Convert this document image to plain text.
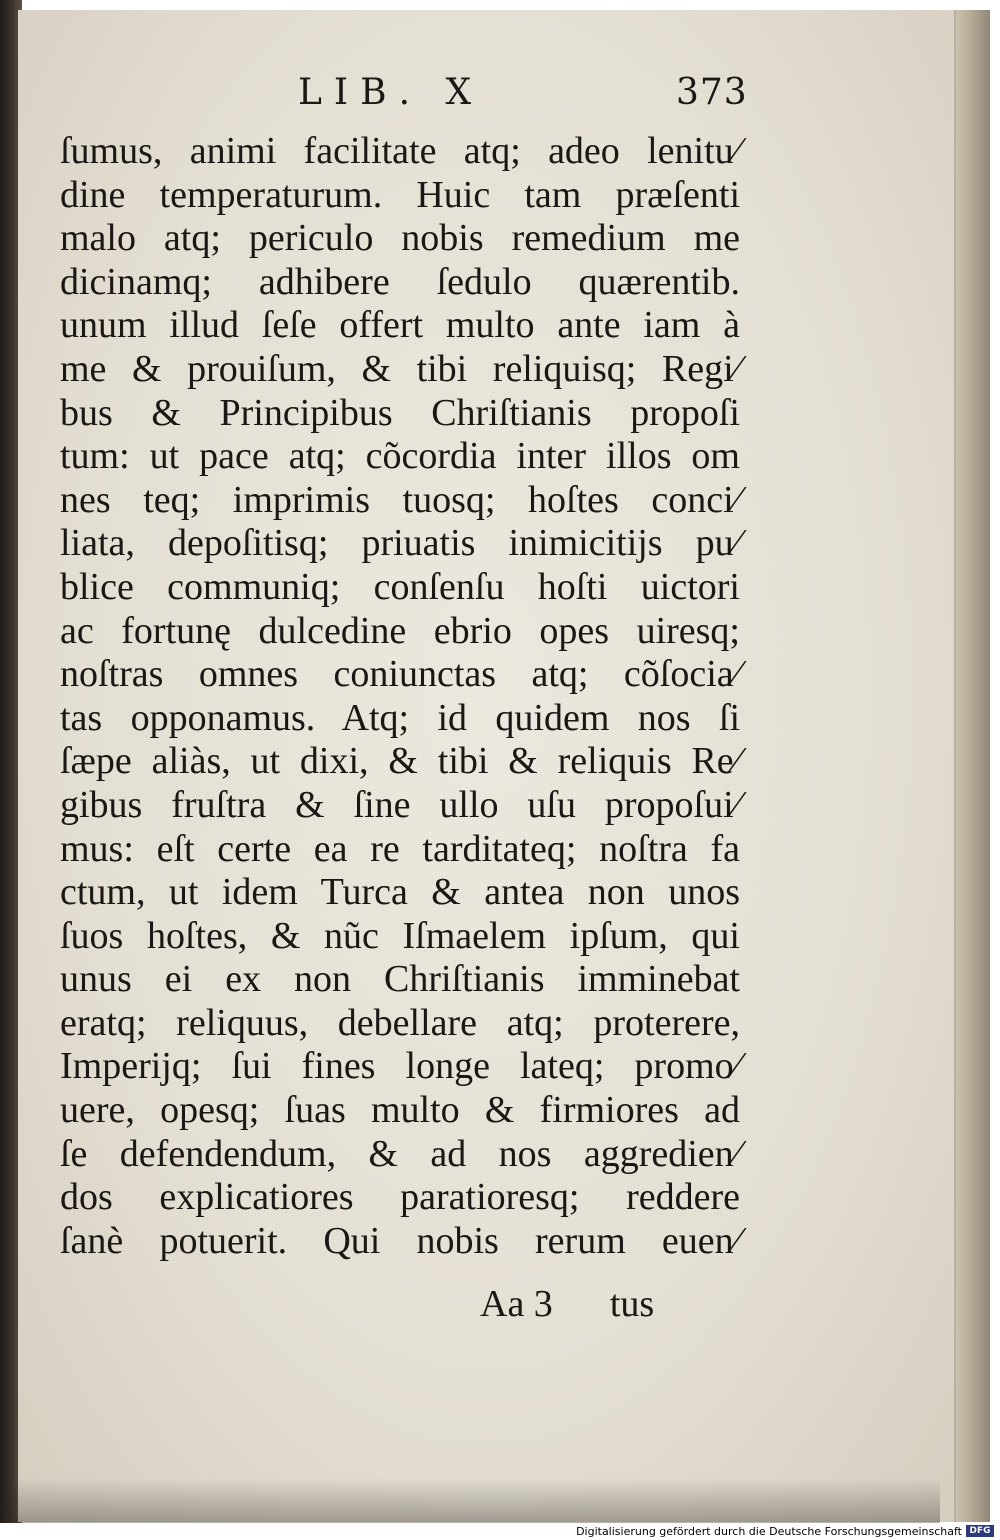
LIB. X	373
ſumus, animi facilitate atq; adeo lenitu⁄
dine temperaturum. Huic tam præſenti
malo atq; periculo nobis remedium me
dicinamq; adhibere ſedulo quærentib.
unum illud ſeſe offert multo ante iam à
me & prouiſum, & tibi reliquisq; Regi⁄
bus & Principibus Chriſtianis propoſi
tum: ut pace atq; cõcordia inter illos om
nes teq; imprimis tuosq; hoſtes conci⁄
liata, depoſitisq; priuatis inimicitijs pu⁄
blice communiq; conſenſu hoſti uictori
ac fortunę dulcedine ebrio opes uiresq;
noſtras omnes coniunctas atq; cõſocia⁄
tas opponamus. Atq; id quidem nos ſi
ſæpe aliàs, ut dixi, & tibi & reliquis Re⁄
gibus fruſtra & ſine ullo uſu propoſui⁄
mus: eſt certe ea re tarditateq; noſtra fa
ctum, ut idem Turca & antea non unos
ſuos hoſtes, & nũc Iſmaelem ipſum, qui
unus ei ex non Chriſtianis imminebat
eratq; reliquus, debellare atq; proterere,
Imperijq; ſui fines longe lateq; promo⁄
uere, opesq; ſuas multo & firmiores ad
ſe defendendum, & ad nos aggredien⁄
dos explicatiores paratioresq; reddere
ſanè potuerit. Qui nobis rerum euen⁄
Aa 3 tus
Digitalisierung gefördert durch die Deutsche Forschungsgemeinschaft DFG
